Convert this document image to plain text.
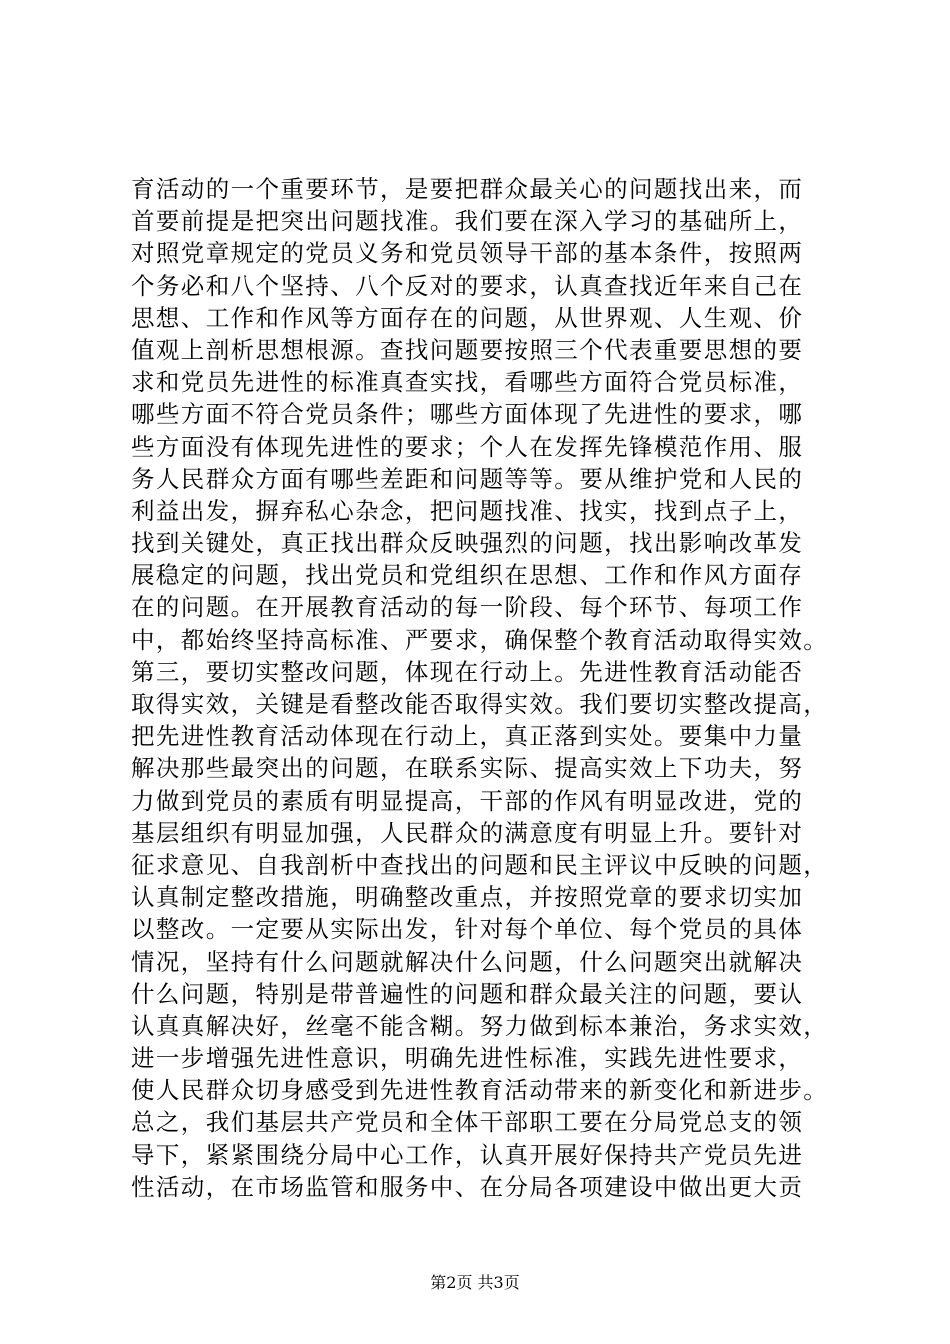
育活动的一个重要环节，是要把群众最关心的问题找出来，而
首要前提是把突出问题找准。我们要在深入学习的基础所上，
对照党章规定的党员义务和党员领导干部的基本条件，按照两
个务必和八个坚持、八个反对的要求，认真查找近年来自己在
思想、工作和作风等方面存在的问题，从世界观、人生观、价
值观上剖析思想根源。查找问题要按照三个代表重要思想的要
求和党员先进性的标准真查实找，看哪些方面符合党员标准，
哪些方面不符合党员条件；哪些方面体现了先进性的要求，哪
些方面没有体现先进性的要求；个人在发挥先锋模范作用、服
务人民群众方面有哪些差距和问题等等。要从维护党和人民的
利益出发，摒弃私心杂念，把问题找准、找实，找到点子上，
找到关键处，真正找出群众反映强烈的问题，找出影响改革发
展稳定的问题，找出党员和党组织在思想、工作和作风方面存
在的问题。在开展教育活动的每一阶段、每个环节、每项工作
中，都始终坚持高标准、严要求，确保整个教育活动取得实效。
第三，要切实整改问题，体现在行动上。先进性教育活动能否
取得实效，关键是看整改能否取得实效。我们要切实整改提高，
把先进性教育活动体现在行动上，真正落到实处。要集中力量
解决那些最突出的问题，在联系实际、提高实效上下功夫，努
力做到党员的素质有明显提高，干部的作风有明显改进，党的
基层组织有明显加强，人民群众的满意度有明显上升。要针对
征求意见、自我剖析中查找出的问题和民主评议中反映的问题，
认真制定整改措施，明确整改重点，并按照党章的要求切实加
以整改。一定要从实际出发，针对每个单位、每个党员的具体
情况，坚持有什么问题就解决什么问题，什么问题突出就解决
什么问题，特别是带普遍性的问题和群众最关注的问题，要认
认真真解决好，丝毫不能含糊。努力做到标本兼治，务求实效，
进一步增强先进性意识，明确先进性标准，实践先进性要求，
使人民群众切身感受到先进性教育活动带来的新变化和新进步。
总之，我们基层共产党员和全体干部职工要在分局党总支的领
导下，紧紧围绕分局中心工作，认真开展好保持共产党员先进
性活动，在市场监管和服务中、在分局各项建设中做出更大贡
第2页 共3页
